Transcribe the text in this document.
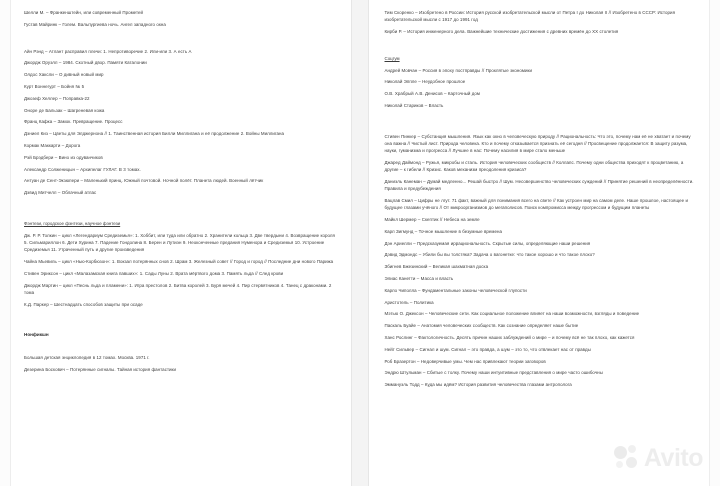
Шелли М. – Франкенштейн, или современный Прометей

Густав Майринк – Голем. Вальпургиева ночь. Ангел западного окна

Айн Рэнд – Атлант расправил плечи: 1. Непротиворечие 2. Или-или 3. А есть А

Джордж Оруэлл – 1984. Скотный двор. Памяти Каталонии

Олдос Хаксли – О дивный новый мир

Курт Воннегурт – Бойня № 5

Джозеф Хеллер – Поправка-22

Оноре де Бальзак – Шагреневая кожа

Франц Кафка – Замок. Превращение. Процесс

Дэниел Киз – Цветы для Элджернона // 1. Таинственная история Билли Миллигана и её продолжение 2. Войны Миллигана

Кормак Маккарти – Дорога

Рэй Брэдбери – Вино из одуванчиков

Александр Солженицын – Архипелаг ГУЛАГ. В 3 томах.

Антуан де Сент-Экзюпери – Маленький принц. Южный почтовой. Ночной полёт. Планета людей. Военный лётчик

Дэвид Митчелл – Облачный атлас

Фэнтези, городское фэнтези, научное фэнтези

Дж. Р. Р. Толкин – цикл «Легендариум Средиземья»: 1. Хоббит, или туда или обратно 2. Хранители кольца 3. Две твердыни 4. Возвращение короля 5. Сильмариллон 6. Дети Хурина 7. Падение Гондолина 8. Берен и Лутиэн 9. Неоконченные предания Нуменора и Средиземья 10. Устроение Средиземья 11. Утраченный путь и другие произведения

Чайна Мьевиль – цикл «Нью-Корбюзон»: 1. Вокзал потерянных снов 2. Шрам 3. Железный совет // Город и город // Последние дни нового Парижа

Стивен Эриксон – цикл «Малазамская книга павших»: 1. Сады Луны 2. Врата мёртвого дома 3. Память льда // След крови

Джордж Мартин – цикл «Песнь льда и пламени»: 1. Игра престолов 2. Битва королей 3. Буря мечей 4. Пир стервятников 4. Танец с драконами. 2 тома

К.Д. Паркер – Шестнадцать способов защиты при осаде

Нонфикшн

Большая детская энциклопедия в 12 томах. Москва. 1971 г.

Дезерина Боскович – Потерянные сигналы. Тайная история фантастики

Тим Скоренко – Изобретено в России: История русской изобретательской мысли от Петра I до Николая II // Изобретено в СССР: История изобретательской мысли с 1917 до 1991 год

Кирби Р. – История инженерного дела. Важнейшие технические достижения с древних времён до XX столетия

Соцгум

Андрей Мовчан – Россия в эпоху постправды // Проклятые экономики

Николай Эппле – Неудобное прошлое

О.В. Храбрый А.В. Денисов – Карточный дом

Николай Стариков – Власть

Стивен Пинкер – Субстанция мышления. Язык как окно в человеческую природу // Рациональность: Что это, почему нам её не хватает и почему она важна // Чистый лист. Природа человека. Кто и почему отказывается признать её сегодня // Просвещение продолжается: В защиту разума, науки, гуманизма и прогресса // Лучшее в нас: Почему насилия в мире стало меньше

Джаред Даймонд – Ружья, микробы и сталь. История человеческих сообществ // Коллапс. Почему одни общества приходят к процветанию, а другие – к гибели // Кризис. Каков механизм преодоления кризиса?

Даниэль Канеман – Думай медленно... Решай быстро // Шум. Несовершенство человеческих суждений // Принятие решений в неопределённости. Правила и предубеждения

Вацлав Смил – Цифры не лгут. 71 факт, важный для понимания всего на свете // Как устроен мир на самом деле. Наше прошлое, настоящее и будущее глазами учёного // От микроорганизмов до мегаполисов. Поиск компромисса между прогрессом и будущим планеты

Майкл Шермер – Скептик // Небеса на земле

Карл Зигмунд – Точное мышление в безумные времена

Дэн Ариелли – Предсказуемая иррациональность. Скрытые силы, определяющие наши решения

Дэвид Эдмондс – Убили бы вы толстяка? Задача о вагонетке: что такое хорошо и что такое плохо?

Збигнев Бжезинский – Великая шахматная доска

Элиас Канетти – Масса и власть

Карло Чиполла – Фундаментальные законы человеческой глупости

Аристотель – Политика

Мэтью О. Джексон – Человеческие сети. Как социальное положение влияет на наши возможности, взгляды и поведение

Паскаль Буайе – Анатомия человеческих сообществ. Как сознание определяет наше бытие

Ханс Рослинг – Фактологичность. Десять причин наших заблуждений о мире – и почему всё не так плохо, как кажется

Нейт Сильвер – Сигнал и шум. Сигнал – это правда, а шум – это то, что отвлекает нас от правды

Роб Бразертон – Недоверчивые умы. Чем нас привлекают теории заговоров

Эндрю Штульман – Сбитые с толку. Почему наши интуитивные представления о мире часто ошибочны

Эммануэль Тодд – Куда мы идём? История развития человечества глазами антрополога

Avito
